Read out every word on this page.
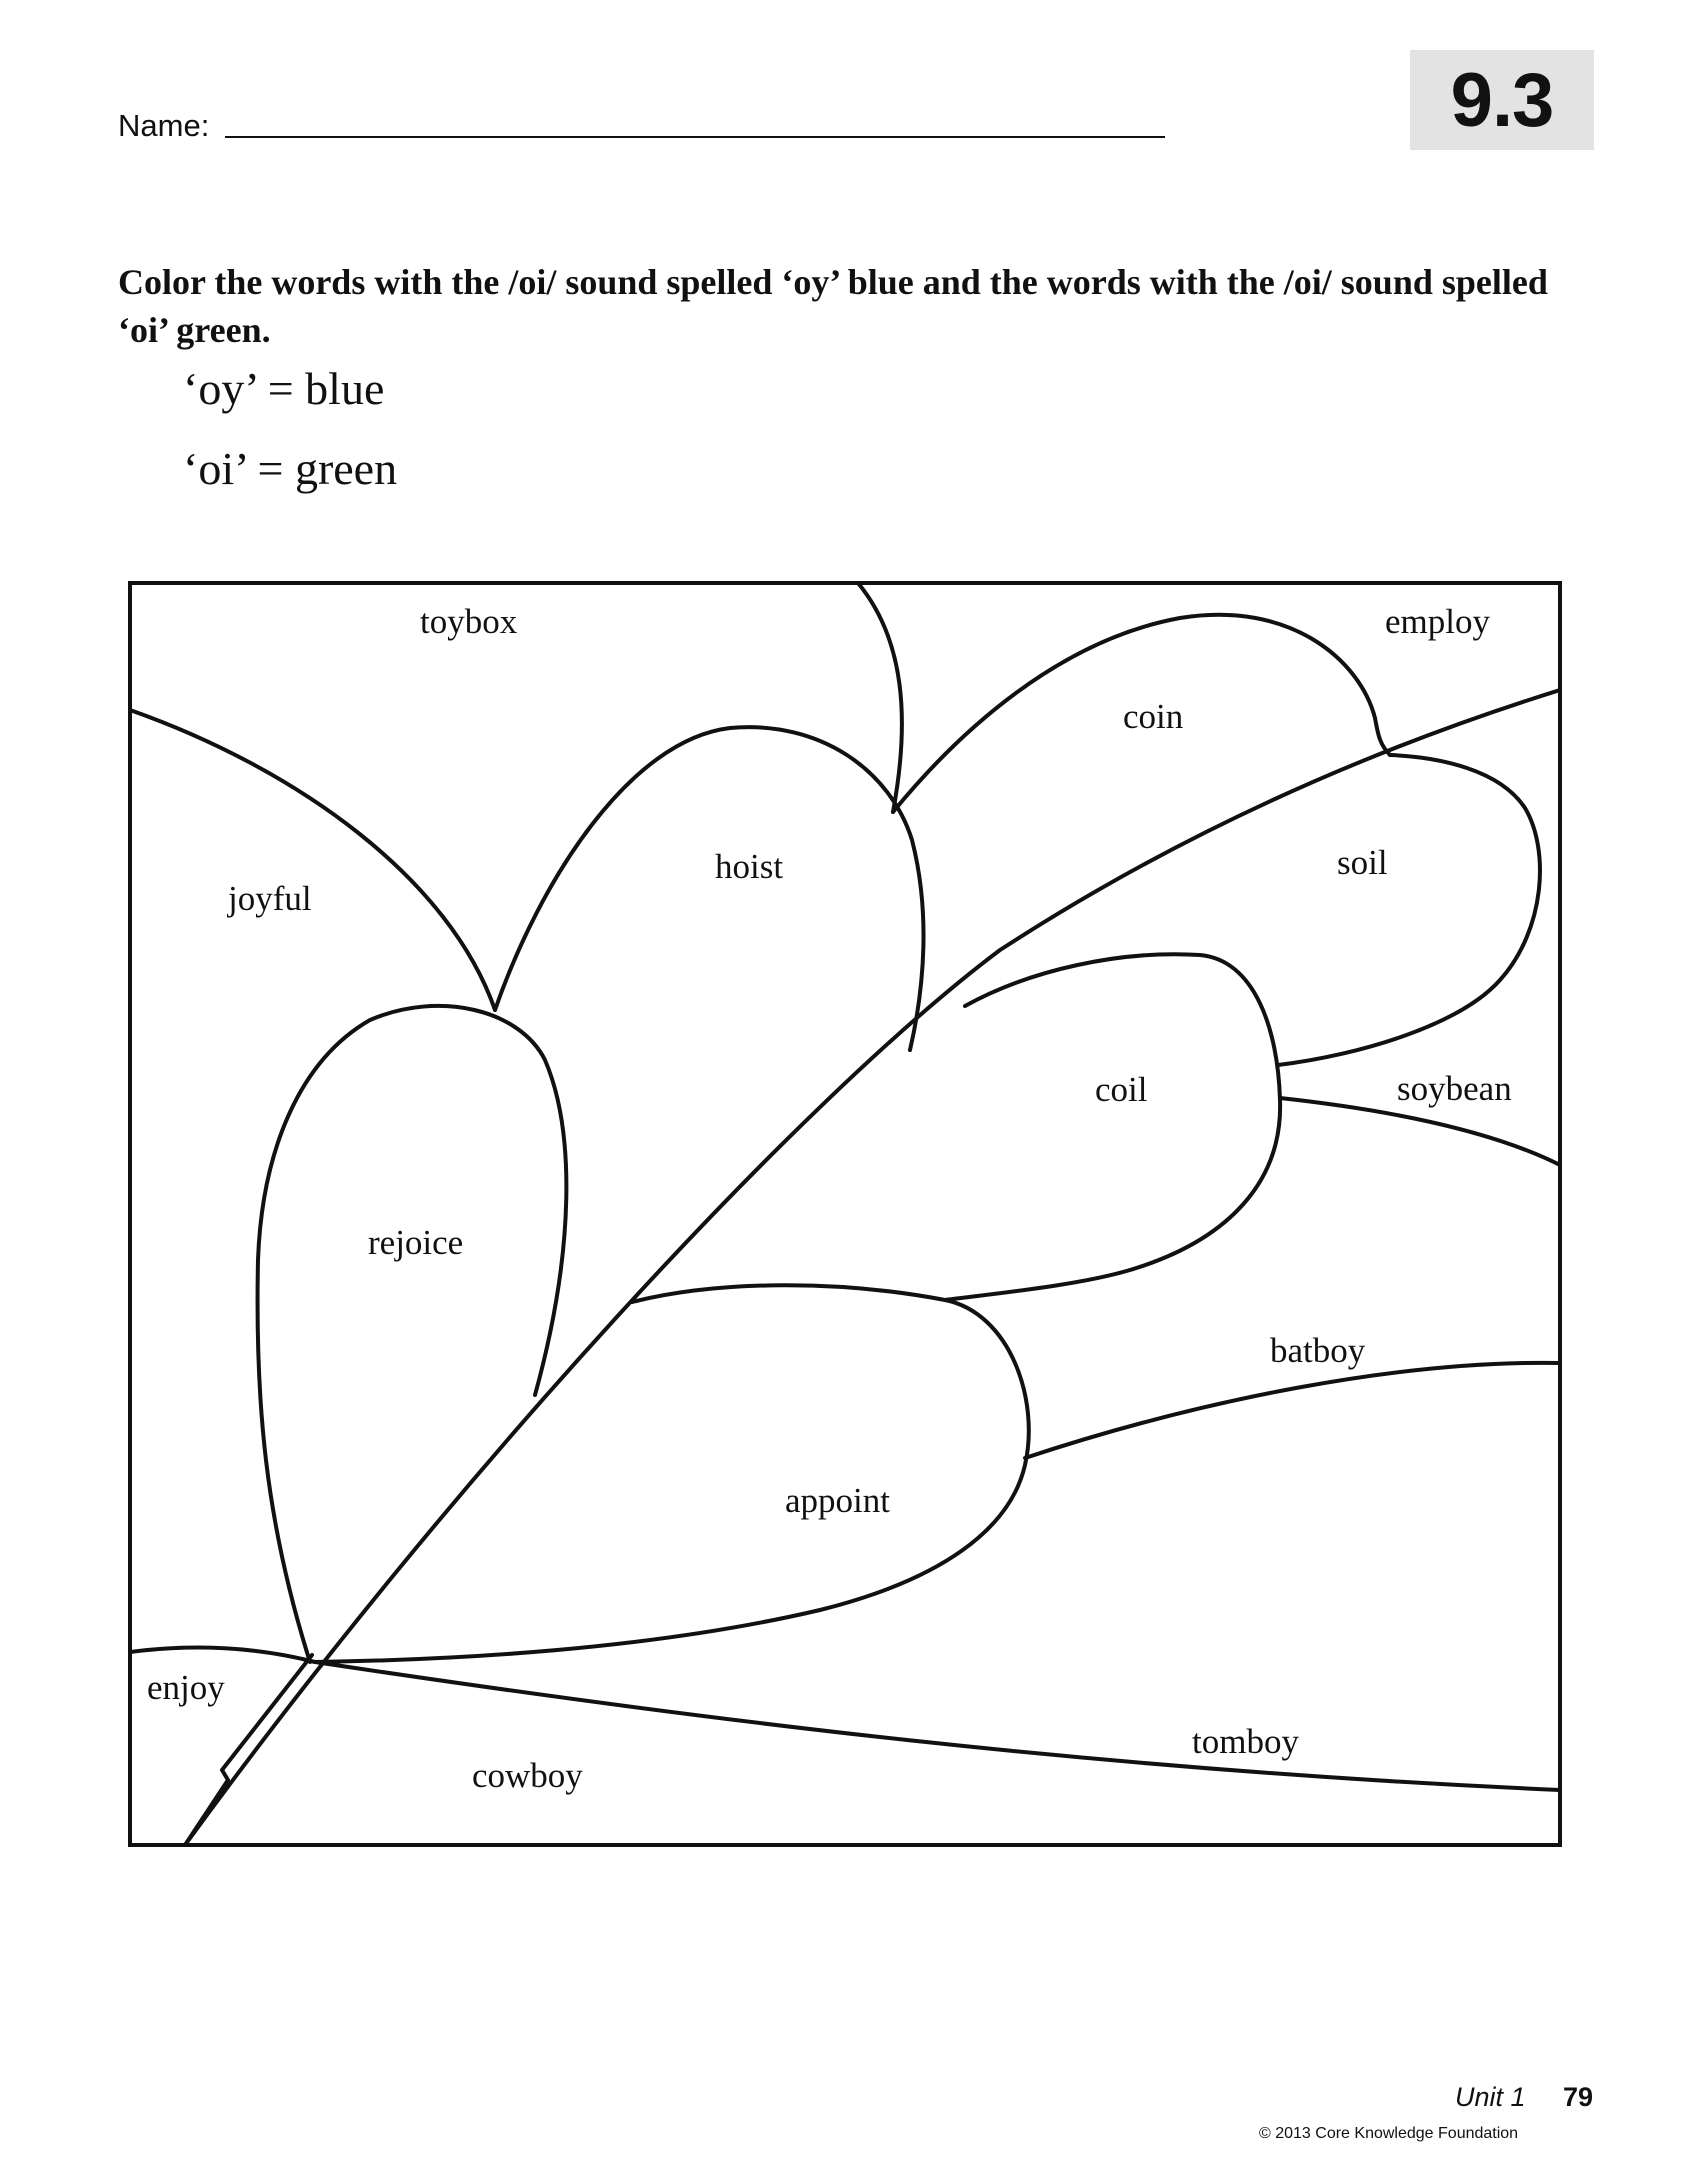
Name:	9.3
Color the words with the /oi/ sound spelled ‘oy’ blue and the words with the /oi/ sound spelled ‘oi’ green.
‘oy’ = blue
‘oi’ = green
toybox	employ
coin
joyful
hoist	soil
coil	soybean
rejoice
batboy
appoint
enjoy
tomboy
cowboy
Unit 1 79
© 2013 Core Knowledge Foundation
